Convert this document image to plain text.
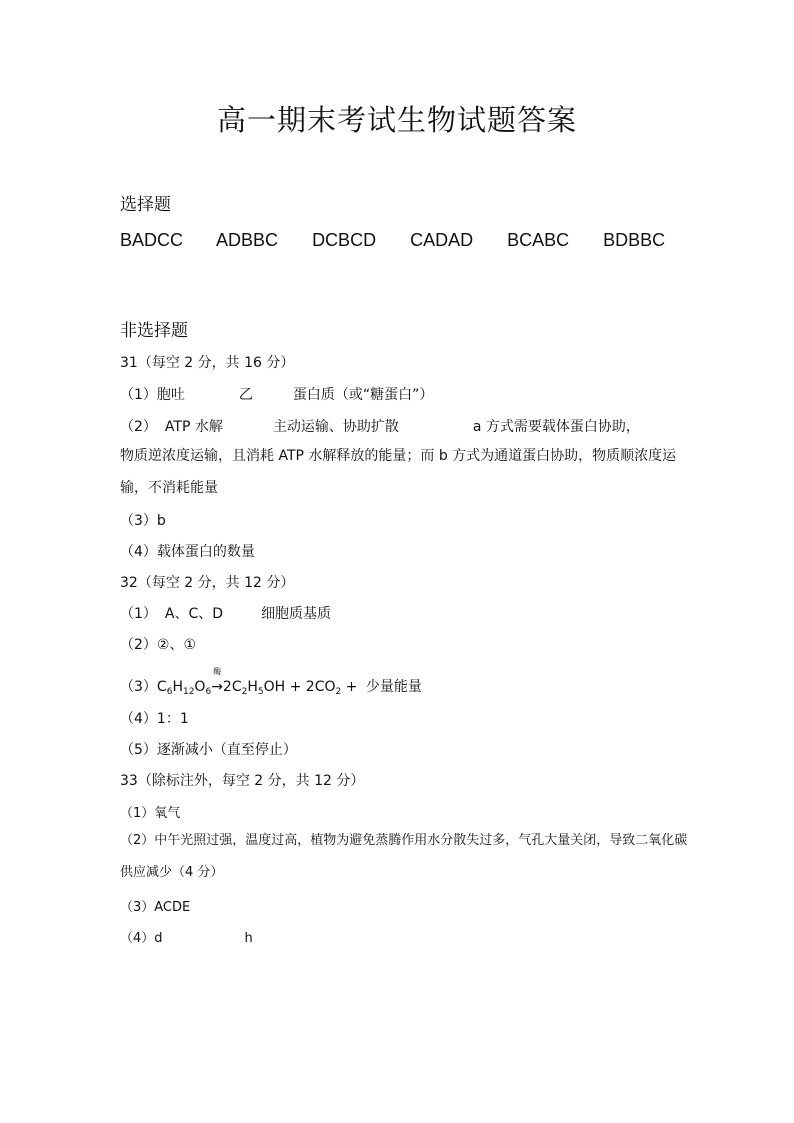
高一期末考试生物试题答案
选择题
BADCC ADBBC DCBCD CADAD BCABC BDBBC
非选择题
31（每空 2 分，共 16 分）
（1）胞吐	乙	蛋白质（或“糖蛋白”）
（2） ATP 水解	主动运输、协助扩散	a 方式需要载体蛋白协助，
物质逆浓度运输，且消耗 ATP 水解释放的能量；而 b 方式为通道蛋白协助，物质顺浓度运输，不消耗能量
（3）b
（4）载体蛋白的数量
32（每空 2 分，共 12 分）
（1） A、C、D	细胞质基质
（2）②、①
$(3)C_6H_{12}O_6$
酶
$\to 2C_2H_5OH + 2CO_2$ + 少量能量
（4）1：1
（5）逐渐减小（直至停止）
33（除标注外，每空 2 分，共 12 分）
（1）氧气
（2）中午光照过强，温度过高，植物为避免蒸腾作用水分散失过多，气孔大量关闭，导致二氧化碳供应减少（4 分）
（3）ACDE
（4）d	h
